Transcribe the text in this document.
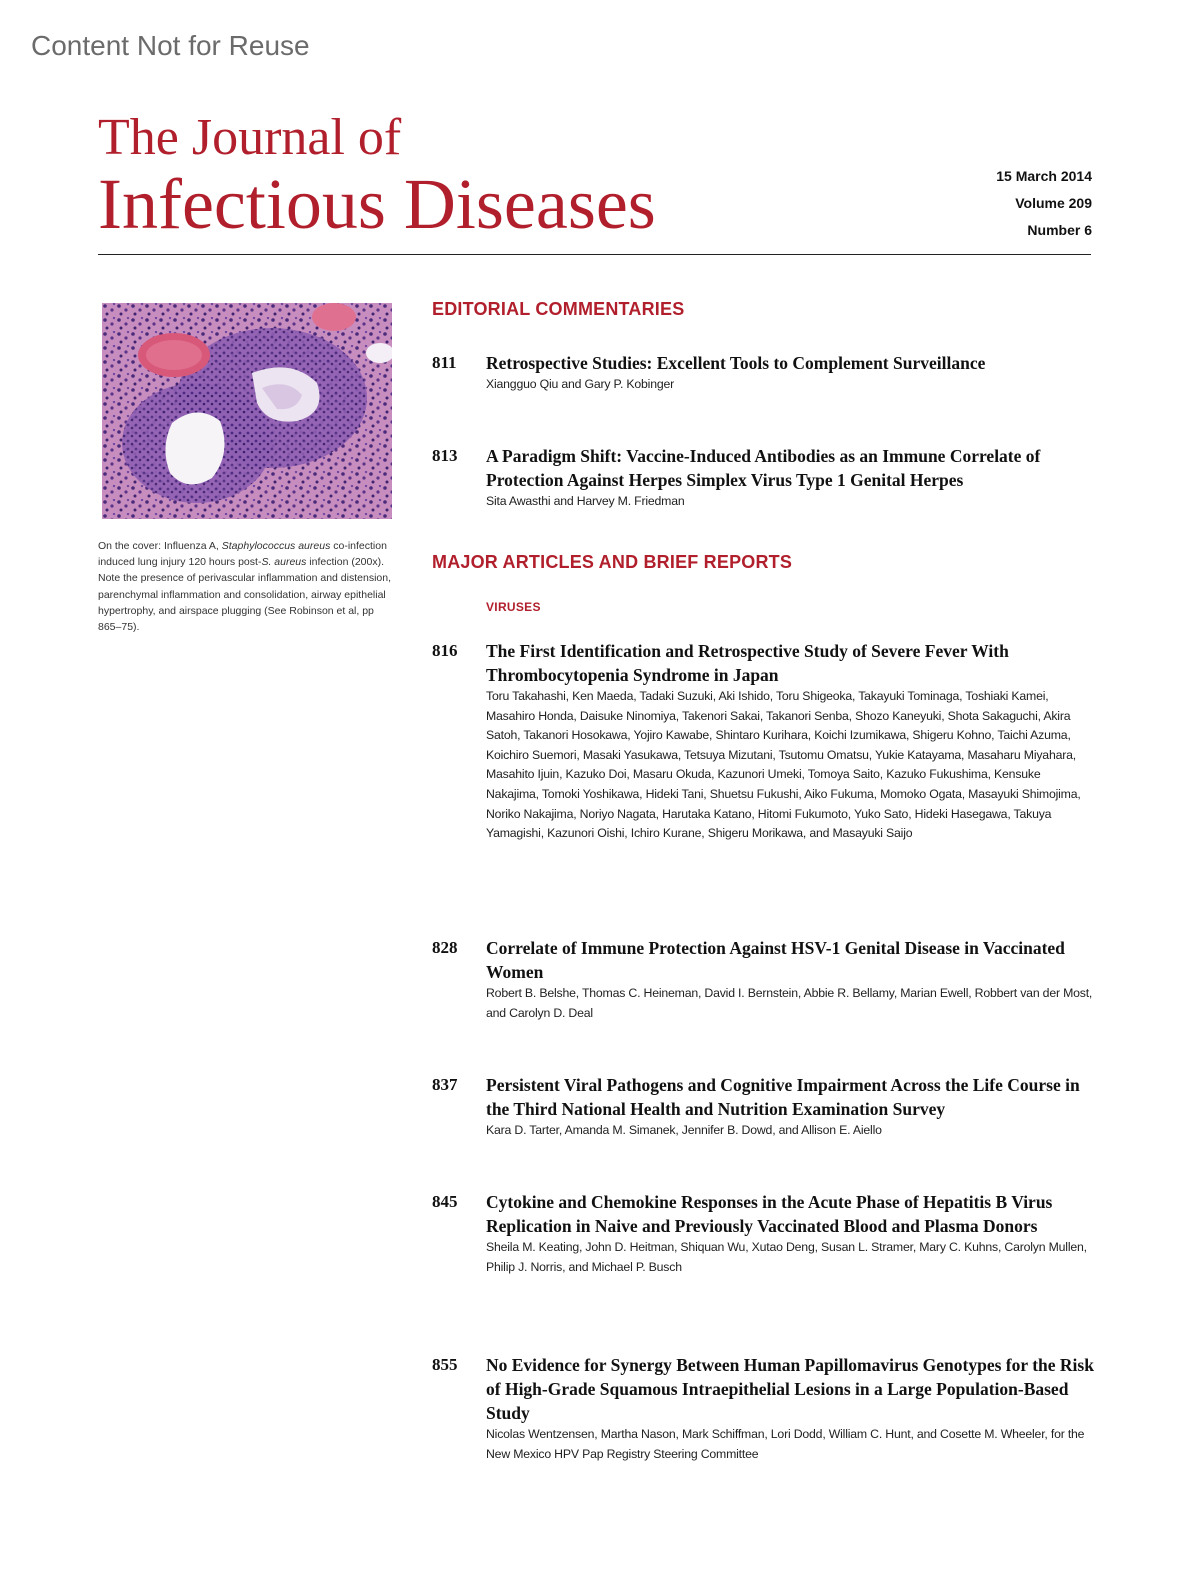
Content Not for Reuse
The Journal of
Infectious Diseases	15 March 2014
Volume 209
Number 6
On the cover: Influenza A, Staphylococcus aureus co-infection induced lung injury 120 hours post-S. aureus infection (200x). Note the presence of perivascular inflammation and distension, parenchymal inflammation and consolidation, airway epithelial hypertrophy, and airspace plugging (See Robinson et al, pp 865–75).
EDITORIAL COMMENTARIES
811 Retrospective Studies: Excellent Tools to Complement Surveillance
Xiangguo Qiu and Gary P. Kobinger
813 A Paradigm Shift: Vaccine-Induced Antibodies as an Immune Correlate of Protection Against Herpes Simplex Virus Type 1 Genital Herpes
Sita Awasthi and Harvey M. Friedman
MAJOR ARTICLES AND BRIEF REPORTS
VIRUSES
816 The First Identification and Retrospective Study of Severe Fever With Thrombocytopenia Syndrome in Japan
Toru Takahashi, Ken Maeda, Tadaki Suzuki, Aki Ishido, Toru Shigeoka, Takayuki Tominaga, Toshiaki Kamei, Masahiro Honda, Daisuke Ninomiya, Takenori Sakai, Takanori Senba, Shozo Kaneyuki, Shota Sakaguchi, Akira Satoh, Takanori Hosokawa, Yojiro Kawabe, Shintaro Kurihara, Koichi Izumikawa, Shigeru Kohno, Taichi Azuma, Koichiro Suemori, Masaki Yasukawa, Tetsuya Mizutani, Tsutomu Omatsu, Yukie Katayama, Masaharu Miyahara, Masahito Ijuin, Kazuko Doi, Masaru Okuda, Kazunori Umeki, Tomoya Saito, Kazuko Fukushima, Kensuke Nakajima, Tomoki Yoshikawa, Hideki Tani, Shuetsu Fukushi, Aiko Fukuma, Momoko Ogata, Masayuki Shimojima, Noriko Nakajima, Noriyo Nagata, Harutaka Katano, Hitomi Fukumoto, Yuko Sato, Hideki Hasegawa, Takuya Yamagishi, Kazunori Oishi, Ichiro Kurane, Shigeru Morikawa, and Masayuki Saijo
828 Correlate of Immune Protection Against HSV-1 Genital Disease in Vaccinated Women
Robert B. Belshe, Thomas C. Heineman, David I. Bernstein, Abbie R. Bellamy, Marian Ewell, Robbert van der Most, and Carolyn D. Deal
837 Persistent Viral Pathogens and Cognitive Impairment Across the Life Course in the Third National Health and Nutrition Examination Survey
Kara D. Tarter, Amanda M. Simanek, Jennifer B. Dowd, and Allison E. Aiello
845 Cytokine and Chemokine Responses in the Acute Phase of Hepatitis B Virus Replication in Naive and Previously Vaccinated Blood and Plasma Donors
Sheila M. Keating, John D. Heitman, Shiquan Wu, Xutao Deng, Susan L. Stramer, Mary C. Kuhns, Carolyn Mullen, Philip J. Norris, and Michael P. Busch
855 No Evidence for Synergy Between Human Papillomavirus Genotypes for the Risk of High-Grade Squamous Intraepithelial Lesions in a Large Population-Based Study
Nicolas Wentzensen, Martha Nason, Mark Schiffman, Lori Dodd, William C. Hunt, and Cosette M. Wheeler, for the New Mexico HPV Pap Registry Steering Committee
